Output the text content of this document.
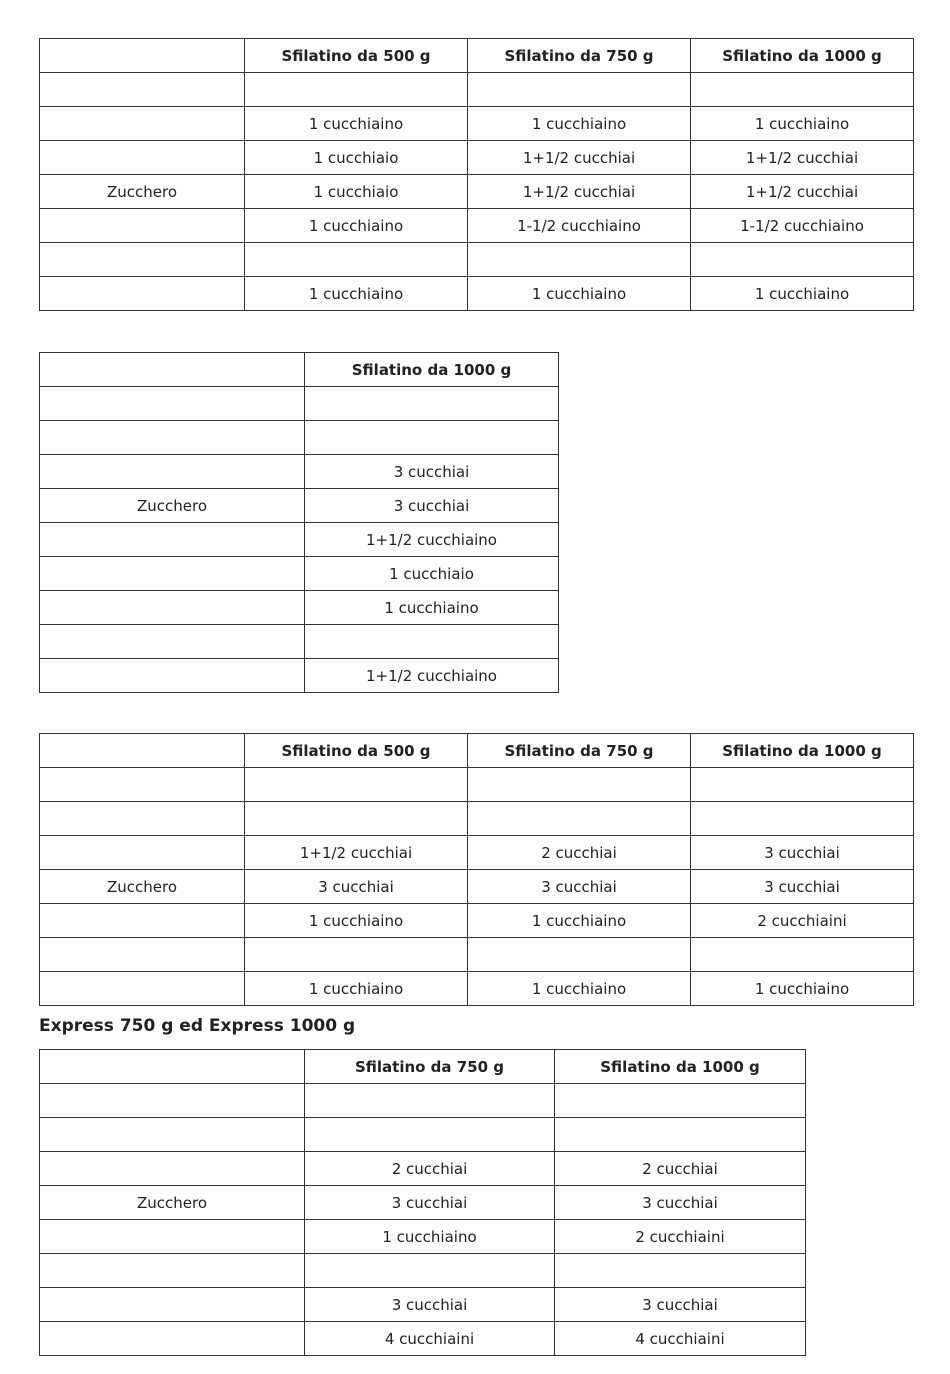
	Sfilatino da 500 g	Sfilatino da 750 g	Sfilatino da 1000 g

	1 cucchiaino	1 cucchiaino	1 cucchiaino
	1 cucchiaio	1+1/2 cucchiai	1+1/2 cucchiai
Zucchero	1 cucchiaio	1+1/2 cucchiai	1+1/2 cucchiai
	1 cucchiaino	1-1/2 cucchiaino	1-1/2 cucchiaino

	1 cucchiaino	1 cucchiaino	1 cucchiaino
	Sfilatino da 1000 g

	3 cucchiai
Zucchero	3 cucchiai
	1+1/2 cucchiaino
	1 cucchiaio
	1 cucchiaino

	1+1/2 cucchiaino
	Sfilatino da 500 g	Sfilatino da 750 g	Sfilatino da 1000 g

	1+1/2 cucchiai	2 cucchiai	3 cucchiai
Zucchero	3 cucchiai	3 cucchiai	3 cucchiai
	1 cucchiaino	1 cucchiaino	2 cucchiaini

	1 cucchiaino	1 cucchiaino	1 cucchiaino
Express 750 g ed Express 1000 g
	Sfilatino da 750 g	Sfilatino da 1000 g

	2 cucchiai	2 cucchiai
Zucchero	3 cucchiai	3 cucchiai
	1 cucchiaino	2 cucchiaini

	3 cucchiai	3 cucchiai
	4 cucchiaini	4 cucchiaini
